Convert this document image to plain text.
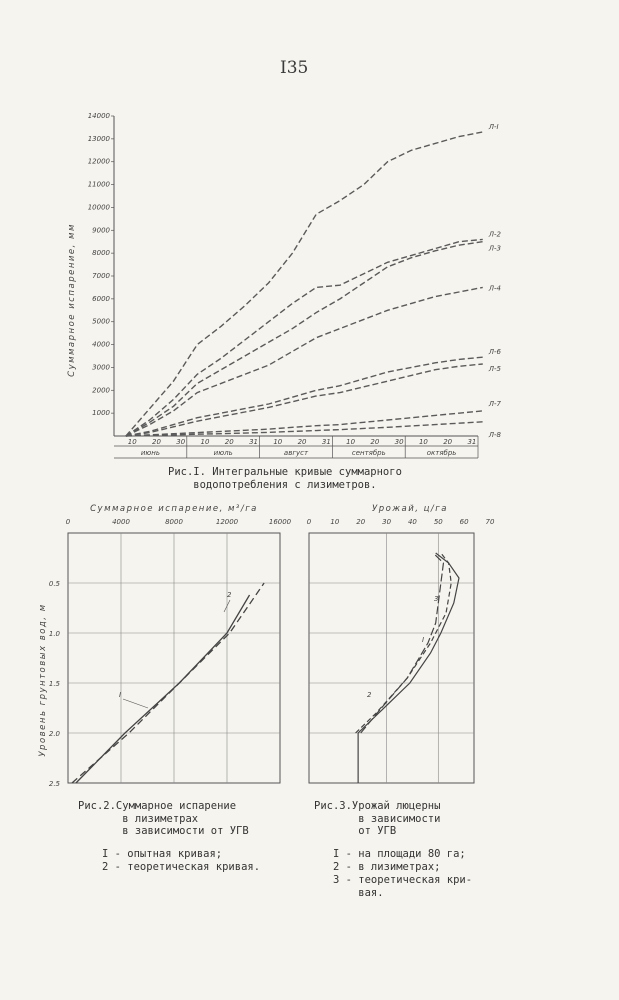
I35
1000
2000
3000
4000
5000
6000
7000
8000
9000
10000
11000
12000
13000
14000
Суммарное испарение, мм
10 20 30 10 20 31 10 20 31 10 20 30 10 20 31
июнь	июль	август	сентябрь	октябрь
Л-I
Л-2
Л-3
Л-4
Л-6
Л-5
Л-7
Л-8
0	4000	8000	12000	16000
0.5
1.0
1.5
2.0
2.5
Суммарное испарение, м³/га
Уровень грунтовых вод, м	I
2
0	10 20 30 40 50 60 70
Урожай, ц/га
I
2
3
Рис.I. Интегральные кривые суммарного
водопотребления с лизиметров.
Рис.2.Суммарное испарение
в лизиметрах
в зависимости от УГВ
I - опытная кривая;
2 - теоретическая кривая.
Рис.3.Урожай люцерны
в зависимости
от УГВ
I - на площади 80 га;
2 - в лизиметрах;
3 - теоретическая кри-
вая.
